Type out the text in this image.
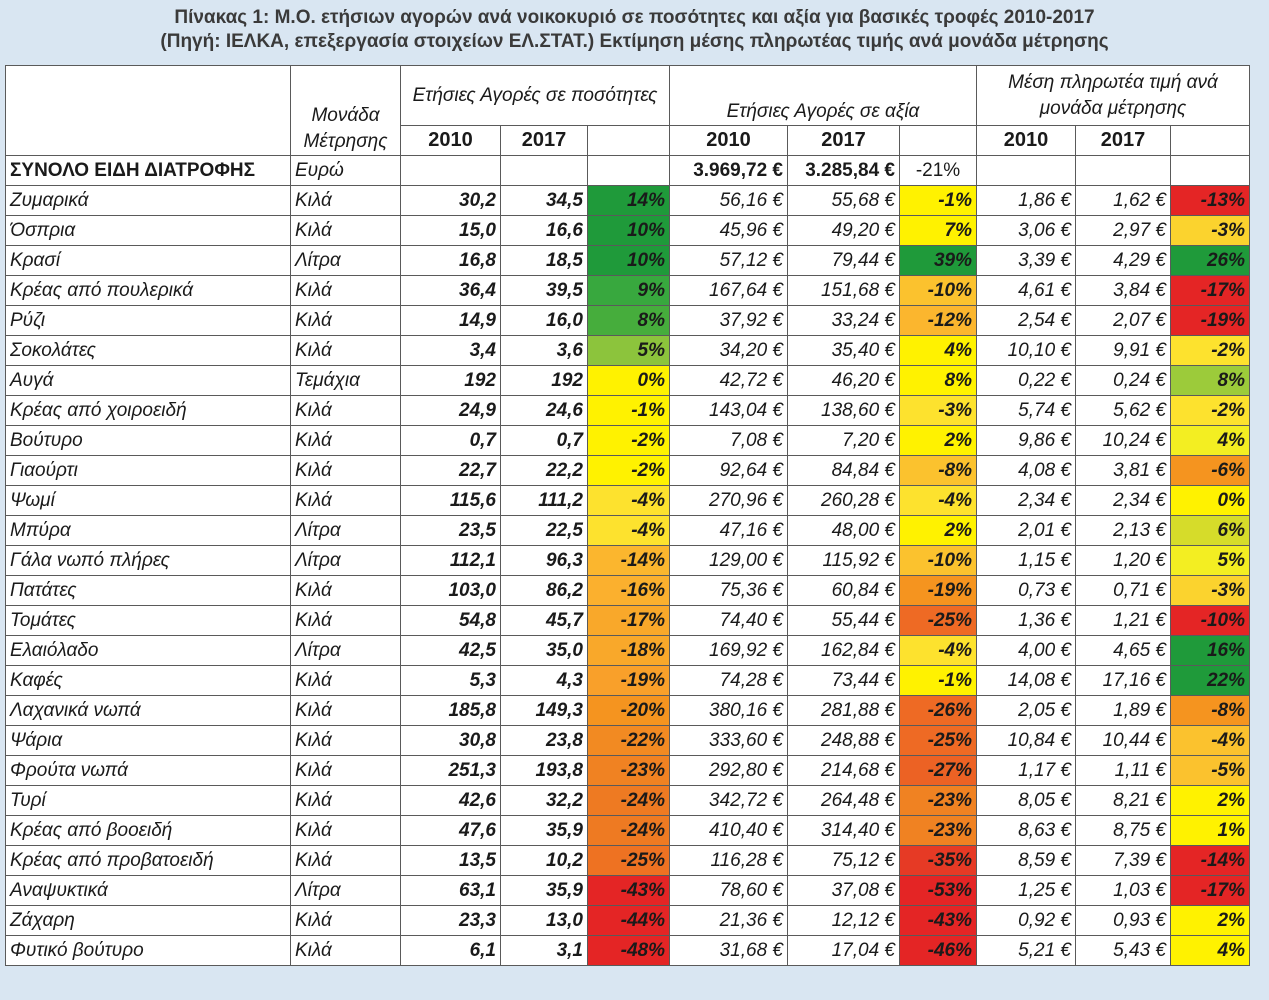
Πίνακας 1: Μ.Ο. ετήσιων αγορών ανά νοικοκυριό σε ποσότητες και αξία για βασικές τροφές 2010-2017
(Πηγή: ΙΕΛΚΑ, επεξεργασία στοιχείων ΕΛ.ΣΤΑΤ.) Εκτίμηση μέσης πληρωτέας τιμής ανά μονάδα μέτρησης
	Μονάδα Μέτρησης	Ετήσιες Αγορές σε ποσότητες			Ετήσιες Αγορές σε αξία			Μέση πληρωτέα τιμή ανά μονάδα μέτρησης		
		2010	2017		2010	2017		2010	2017	
ΣΥΝΟΛΟ ΕΙΔΗ ΔΙΑΤΡΟΦΗΣ	Ευρώ				3.969,72 €	3.285,84 €	-21%			
Ζυμαρικά	Κιλά	30,2	34,5	14%	56,16 €	55,68 €	-1%	1,86 €	1,62 €	-13%
Όσπρια	Κιλά	15,0	16,6	10%	45,96 €	49,20 €	7%	3,06 €	2,97 €	-3%
Κρασί	Λίτρα	16,8	18,5	10%	57,12 €	79,44 €	39%	3,39 €	4,29 €	26%
Κρέας από πουλερικά	Κιλά	36,4	39,5	9%	167,64 €	151,68 €	-10%	4,61 €	3,84 €	-17%
Ρύζι	Κιλά	14,9	16,0	8%	37,92 €	33,24 €	-12%	2,54 €	2,07 €	-19%
Σοκολάτες	Κιλά	3,4	3,6	5%	34,20 €	35,40 €	4%	10,10 €	9,91 €	-2%
Αυγά	Τεμάχια	192	192	0%	42,72 €	46,20 €	8%	0,22 €	0,24 €	8%
Κρέας από χοιροειδή	Κιλά	24,9	24,6	-1%	143,04 €	138,60 €	-3%	5,74 €	5,62 €	-2%
Βούτυρο	Κιλά	0,7	0,7	-2%	7,08 €	7,20 €	2%	9,86 €	10,24 €	4%
Γιαούρτι	Κιλά	22,7	22,2	-2%	92,64 €	84,84 €	-8%	4,08 €	3,81 €	-6%
Ψωμί	Κιλά	115,6	111,2	-4%	270,96 €	260,28 €	-4%	2,34 €	2,34 €	0%
Μπύρα	Λίτρα	23,5	22,5	-4%	47,16 €	48,00 €	2%	2,01 €	2,13 €	6%
Γάλα νωπό πλήρες	Λίτρα	112,1	96,3	-14%	129,00 €	115,92 €	-10%	1,15 €	1,20 €	5%
Πατάτες	Κιλά	103,0	86,2	-16%	75,36 €	60,84 €	-19%	0,73 €	0,71 €	-3%
Τομάτες	Κιλά	54,8	45,7	-17%	74,40 €	55,44 €	-25%	1,36 €	1,21 €	-10%
Ελαιόλαδο	Λίτρα	42,5	35,0	-18%	169,92 €	162,84 €	-4%	4,00 €	4,65 €	16%
Καφές	Κιλά	5,3	4,3	-19%	74,28 €	73,44 €	-1%	14,08 €	17,16 €	22%
Λαχανικά νωπά	Κιλά	185,8	149,3	-20%	380,16 €	281,88 €	-26%	2,05 €	1,89 €	-8%
Ψάρια	Κιλά	30,8	23,8	-22%	333,60 €	248,88 €	-25%	10,84 €	10,44 €	-4%
Φρούτα νωπά	Κιλά	251,3	193,8	-23%	292,80 €	214,68 €	-27%	1,17 €	1,11 €	-5%
Τυρί	Κιλά	42,6	32,2	-24%	342,72 €	264,48 €	-23%	8,05 €	8,21 €	2%
Κρέας από βοοειδή	Κιλά	47,6	35,9	-24%	410,40 €	314,40 €	-23%	8,63 €	8,75 €	1%
Κρέας από προβατοειδή	Κιλά	13,5	10,2	-25%	116,28 €	75,12 €	-35%	8,59 €	7,39 €	-14%
Αναψυκτικά	Λίτρα	63,1	35,9	-43%	78,60 €	37,08 €	-53%	1,25 €	1,03 €	-17%
Ζάχαρη	Κιλά	23,3	13,0	-44%	21,36 €	12,12 €	-43%	0,92 €	0,93 €	2%
Φυτικό βούτυρο	Κιλά	6,1	3,1	-48%	31,68 €	17,04 €	-46%	5,21 €	5,43 €	4%
